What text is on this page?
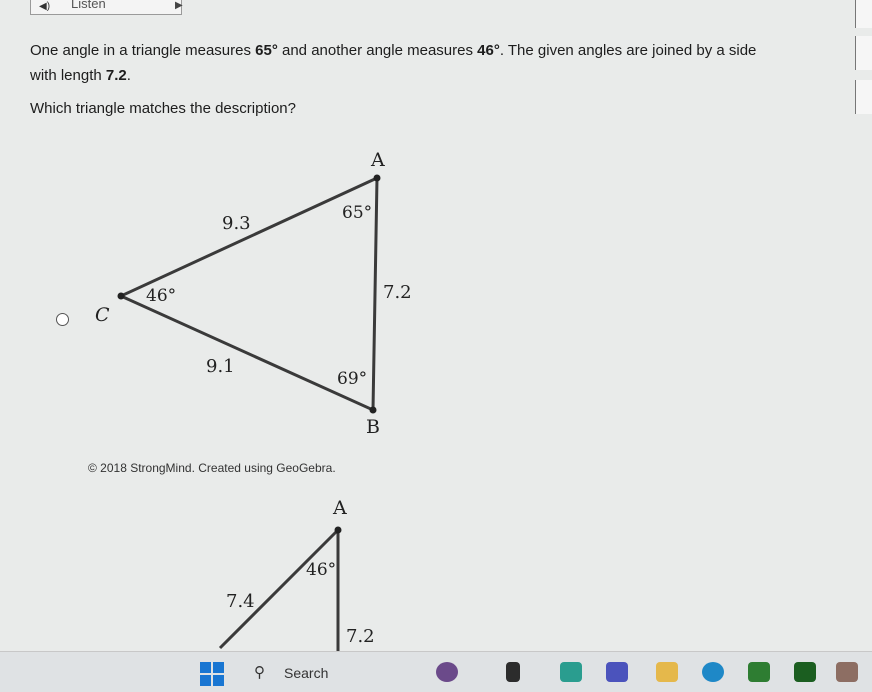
◀) Listen	▶
One angle in a triangle measures 65° and another angle measures 46°. The given angles are joined by a side
with length 7.2.
Which triangle matches the description?
A
B
C
65°
69°
46°
9.3
7.2
9.1
© 2018 StrongMind. Created using GeoGebra.
A
46°
7.4
7.2
⚲ Search
